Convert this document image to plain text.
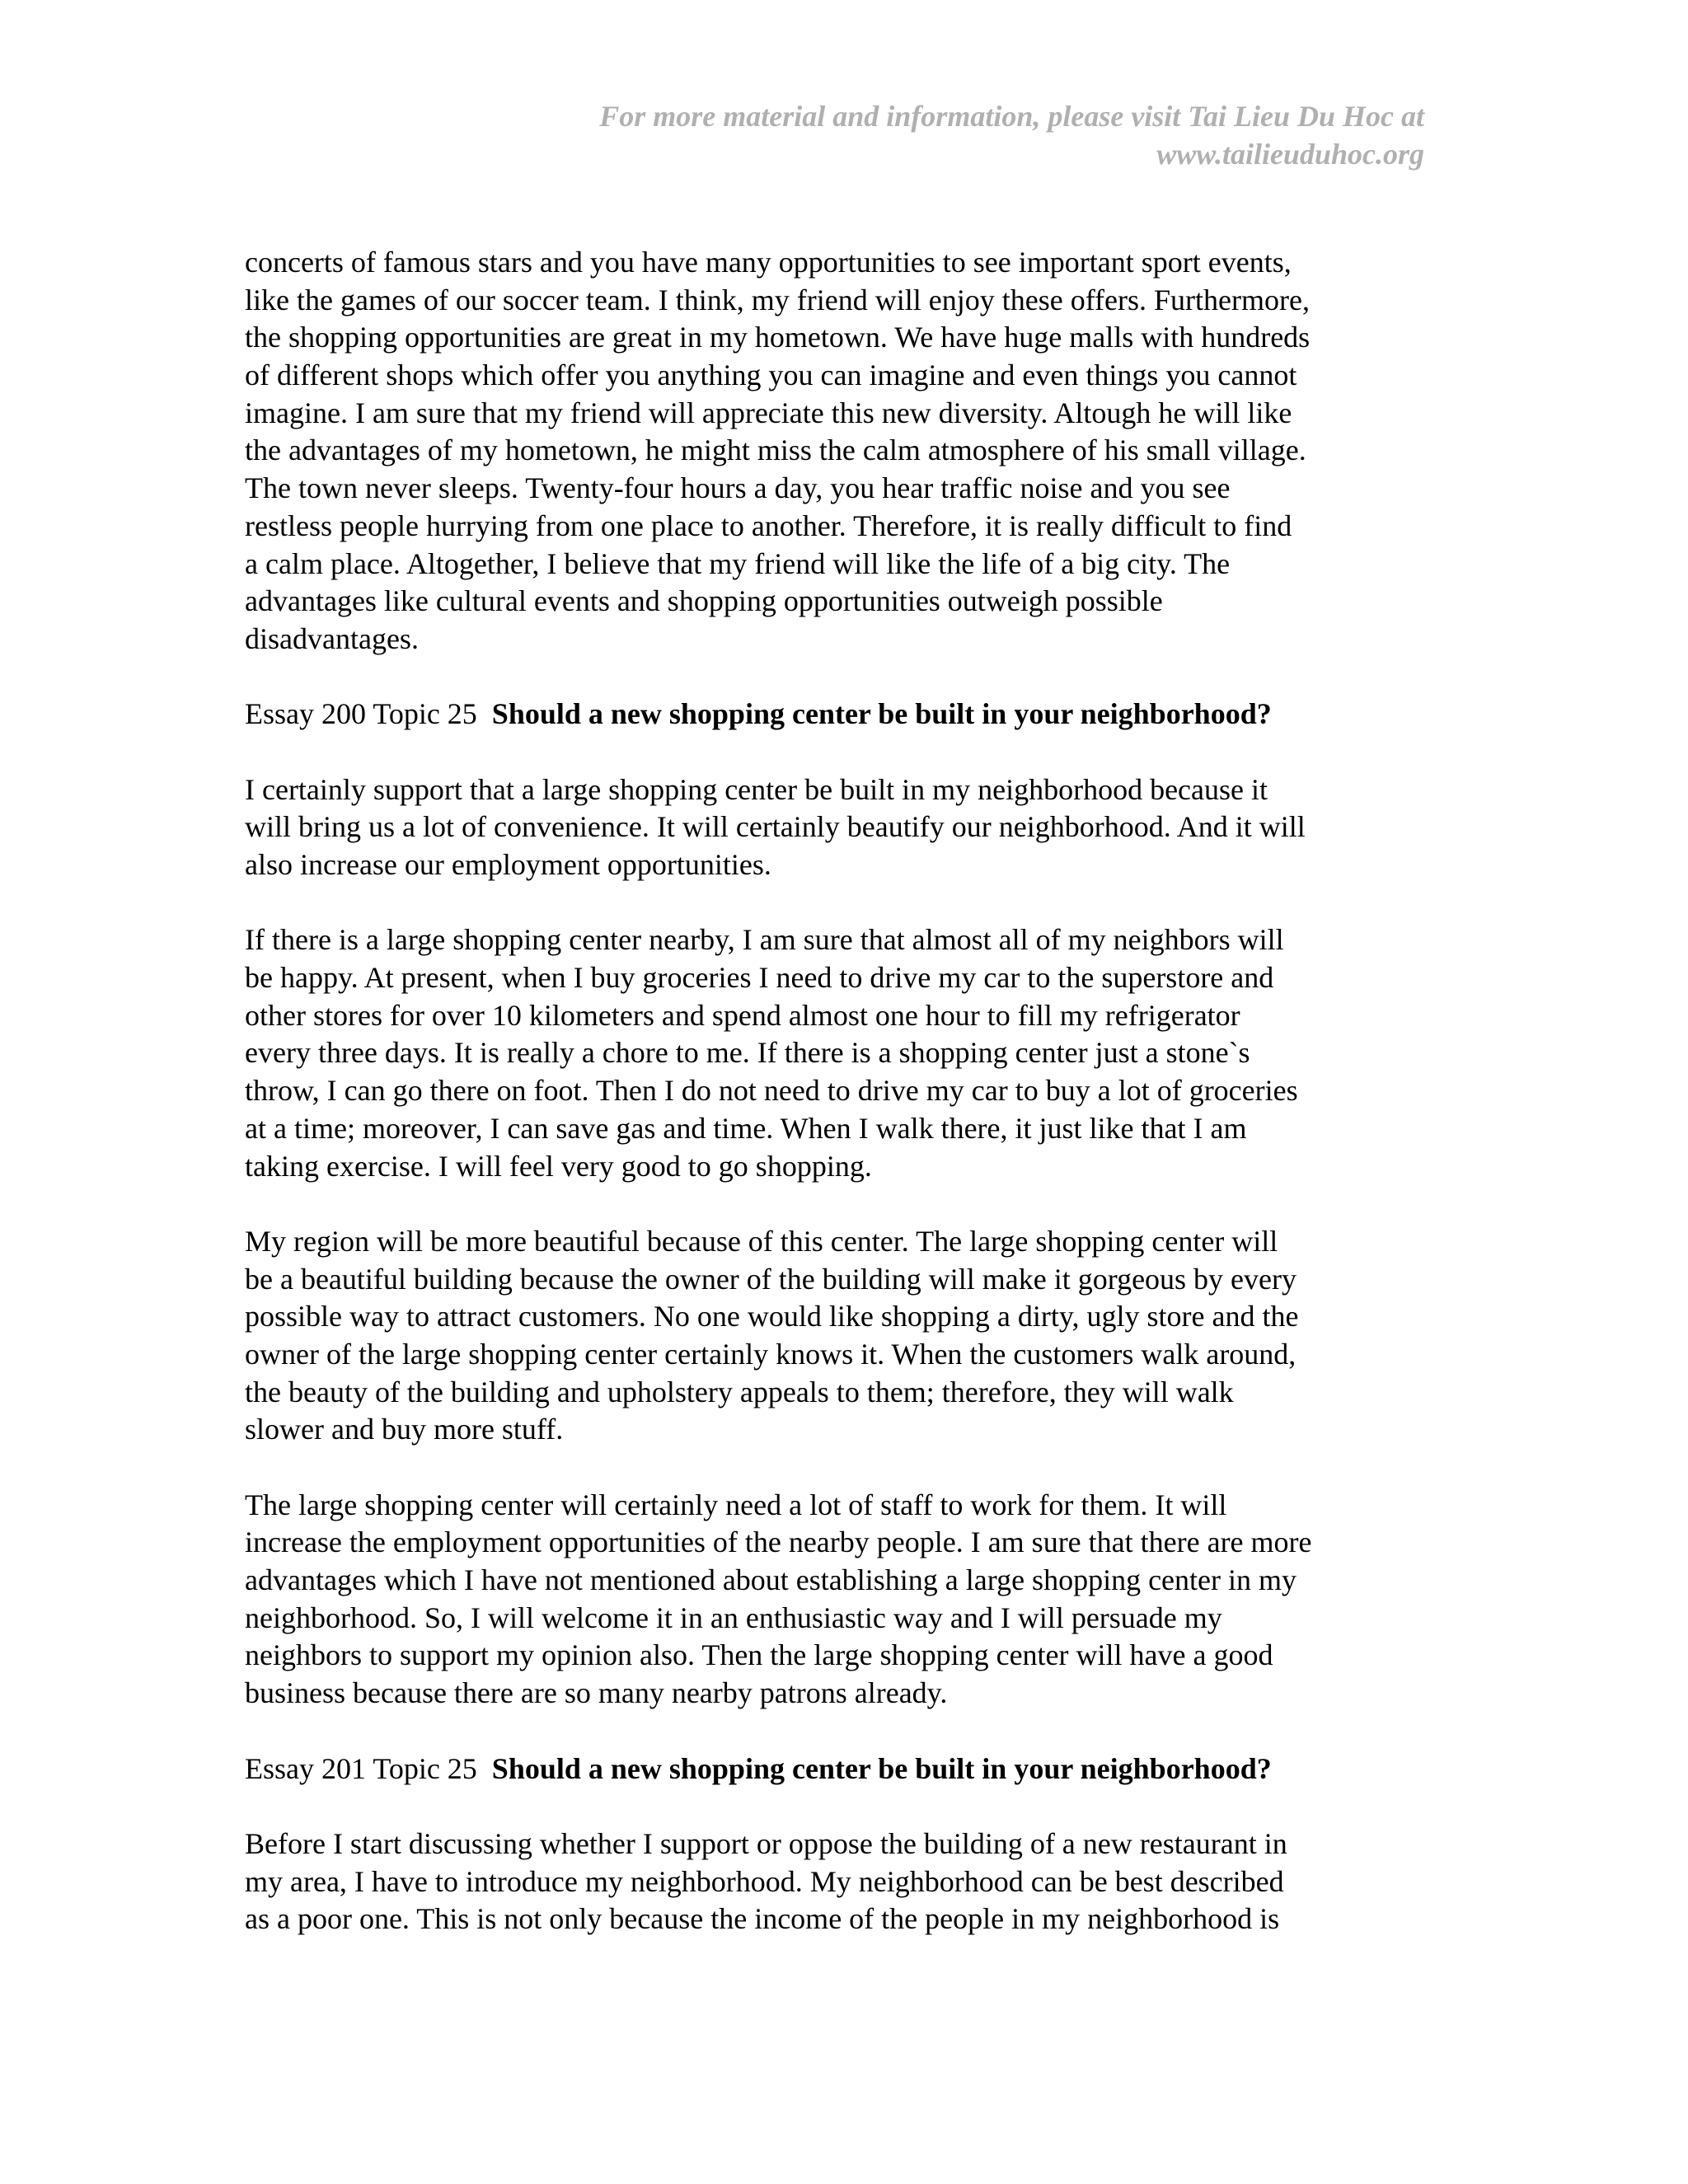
For more material and information, please visit Tai Lieu Du Hoc at
www.tailieuduhoc.org
concerts of famous stars and you have many opportunities to see important sport events,
like the games of our soccer team. I think, my friend will enjoy these offers. Furthermore,
the shopping opportunities are great in my hometown. We have huge malls with hundreds
of different shops which offer you anything you can imagine and even things you cannot
imagine. I am sure that my friend will appreciate this new diversity. Altough he will like
the advantages of my hometown, he might miss the calm atmosphere of his small village.
The town never sleeps. Twenty-four hours a day, you hear traffic noise and you see
restless people hurrying from one place to another. Therefore, it is really difficult to find
a calm place. Altogether, I believe that my friend will like the life of a big city. The
advantages like cultural events and shopping opportunities outweigh possible
disadvantages.
Essay 200 Topic 25 Should a new shopping center be built in your neighborhood?
I certainly support that a large shopping center be built in my neighborhood because it
will bring us a lot of convenience. It will certainly beautify our neighborhood. And it will
also increase our employment opportunities.
If there is a large shopping center nearby, I am sure that almost all of my neighbors will
be happy. At present, when I buy groceries I need to drive my car to the superstore and
other stores for over 10 kilometers and spend almost one hour to fill my refrigerator
every three days. It is really a chore to me. If there is a shopping center just a stone`s
throw, I can go there on foot. Then I do not need to drive my car to buy a lot of groceries
at a time; moreover, I can save gas and time. When I walk there, it just like that I am
taking exercise. I will feel very good to go shopping.
My region will be more beautiful because of this center. The large shopping center will
be a beautiful building because the owner of the building will make it gorgeous by every
possible way to attract customers. No one would like shopping a dirty, ugly store and the
owner of the large shopping center certainly knows it. When the customers walk around,
the beauty of the building and upholstery appeals to them; therefore, they will walk
slower and buy more stuff.
The large shopping center will certainly need a lot of staff to work for them. It will
increase the employment opportunities of the nearby people. I am sure that there are more
advantages which I have not mentioned about establishing a large shopping center in my
neighborhood. So, I will welcome it in an enthusiastic way and I will persuade my
neighbors to support my opinion also. Then the large shopping center will have a good
business because there are so many nearby patrons already.
Essay 201 Topic 25 Should a new shopping center be built in your neighborhood?
Before I start discussing whether I support or oppose the building of a new restaurant in
my area, I have to introduce my neighborhood. My neighborhood can be best described
as a poor one. This is not only because the income of the people in my neighborhood is
